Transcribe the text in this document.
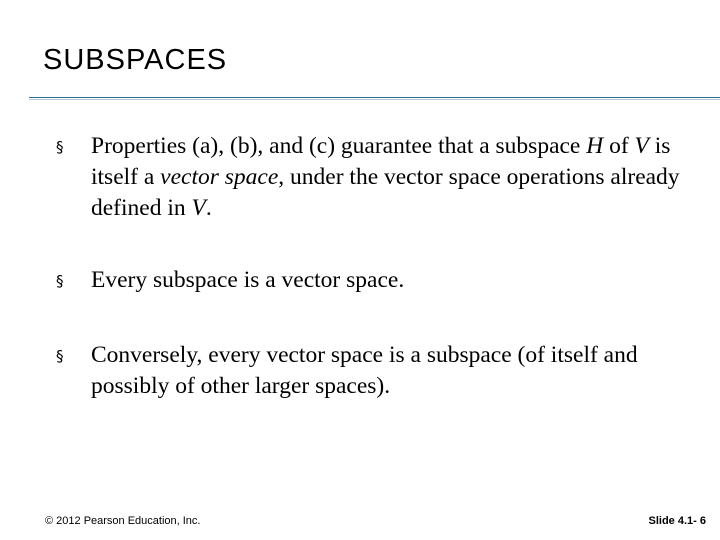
SUBSPACES
§ Properties (a), (b), and (c) guarantee that a subspace H of V is itself a vector space, under the vector space operations already defined in V.
§ Every subspace is a vector space.
§ Conversely, every vector space is a subspace (of itself and possibly of other larger spaces).
© 2012 Pearson Education, Inc.	Slide 4.1- 6
